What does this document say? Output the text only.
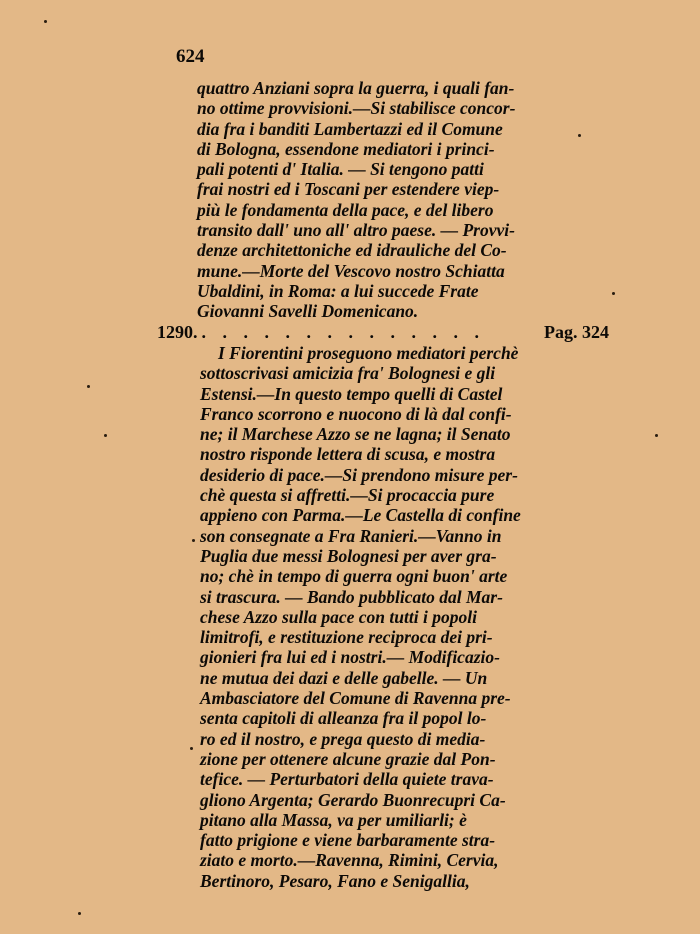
624
quattro Anziani sopra la guerra, i quali fan-
no ottime provvisioni.—Si stabilisce concor-
dia fra i banditi Lambertazzi ed il Comune
di Bologna, essendone mediatori i princi-
pali potenti d' Italia. — Si tengono patti
frai nostri ed i Toscani per estendere viep-
più le fondamenta della pace, e del libero
transito dall' uno all' altro paese. — Provvi-
denze architettoniche ed idrauliche del Co-
mune.—Morte del Vescovo nostro Schiatta
Ubaldini, in Roma: a lui succede Frate
Giovanni Savelli Domenicano.
1290. . . . . . . . . . . . . . .	Pag. 324
I Fiorentini proseguono mediatori perchè
sottoscrivasi amicizia fra' Bolognesi e gli
Estensi.—In questo tempo quelli di Castel
Franco scorrono e nuocono di là dal confi-
ne; il Marchese Azzo se ne lagna; il Senato
nostro risponde lettera di scusa, e mostra
desiderio di pace.—Si prendono misure per-
chè questa si affretti.—Si procaccia pure
appieno con Parma.—Le Castella di confine
son consegnate a Fra Ranieri.—Vanno in
Puglia due messi Bolognesi per aver gra-
no; chè in tempo di guerra ogni buon' arte
si trascura. — Bando pubblicato dal Mar-
chese Azzo sulla pace con tutti i popoli
limitrofi, e restituzione reciproca dei pri-
gionieri fra lui ed i nostri.— Modificazio-
ne mutua dei dazi e delle gabelle. — Un
Ambasciatore del Comune di Ravenna pre-
senta capitoli di alleanza fra il popol lo-
ro ed il nostro, e prega questo di media-
zione per ottenere alcune grazie dal Pon-
tefice. — Perturbatori della quiete trava-
gliono Argenta; Gerardo Buonrecupri Ca-
pitano alla Massa, va per umiliarli; è
fatto prigione e viene barbaramente stra-
ziato e morto.—Ravenna, Rimini, Cervia,
Bertinoro, Pesaro, Fano e Senigallia,
